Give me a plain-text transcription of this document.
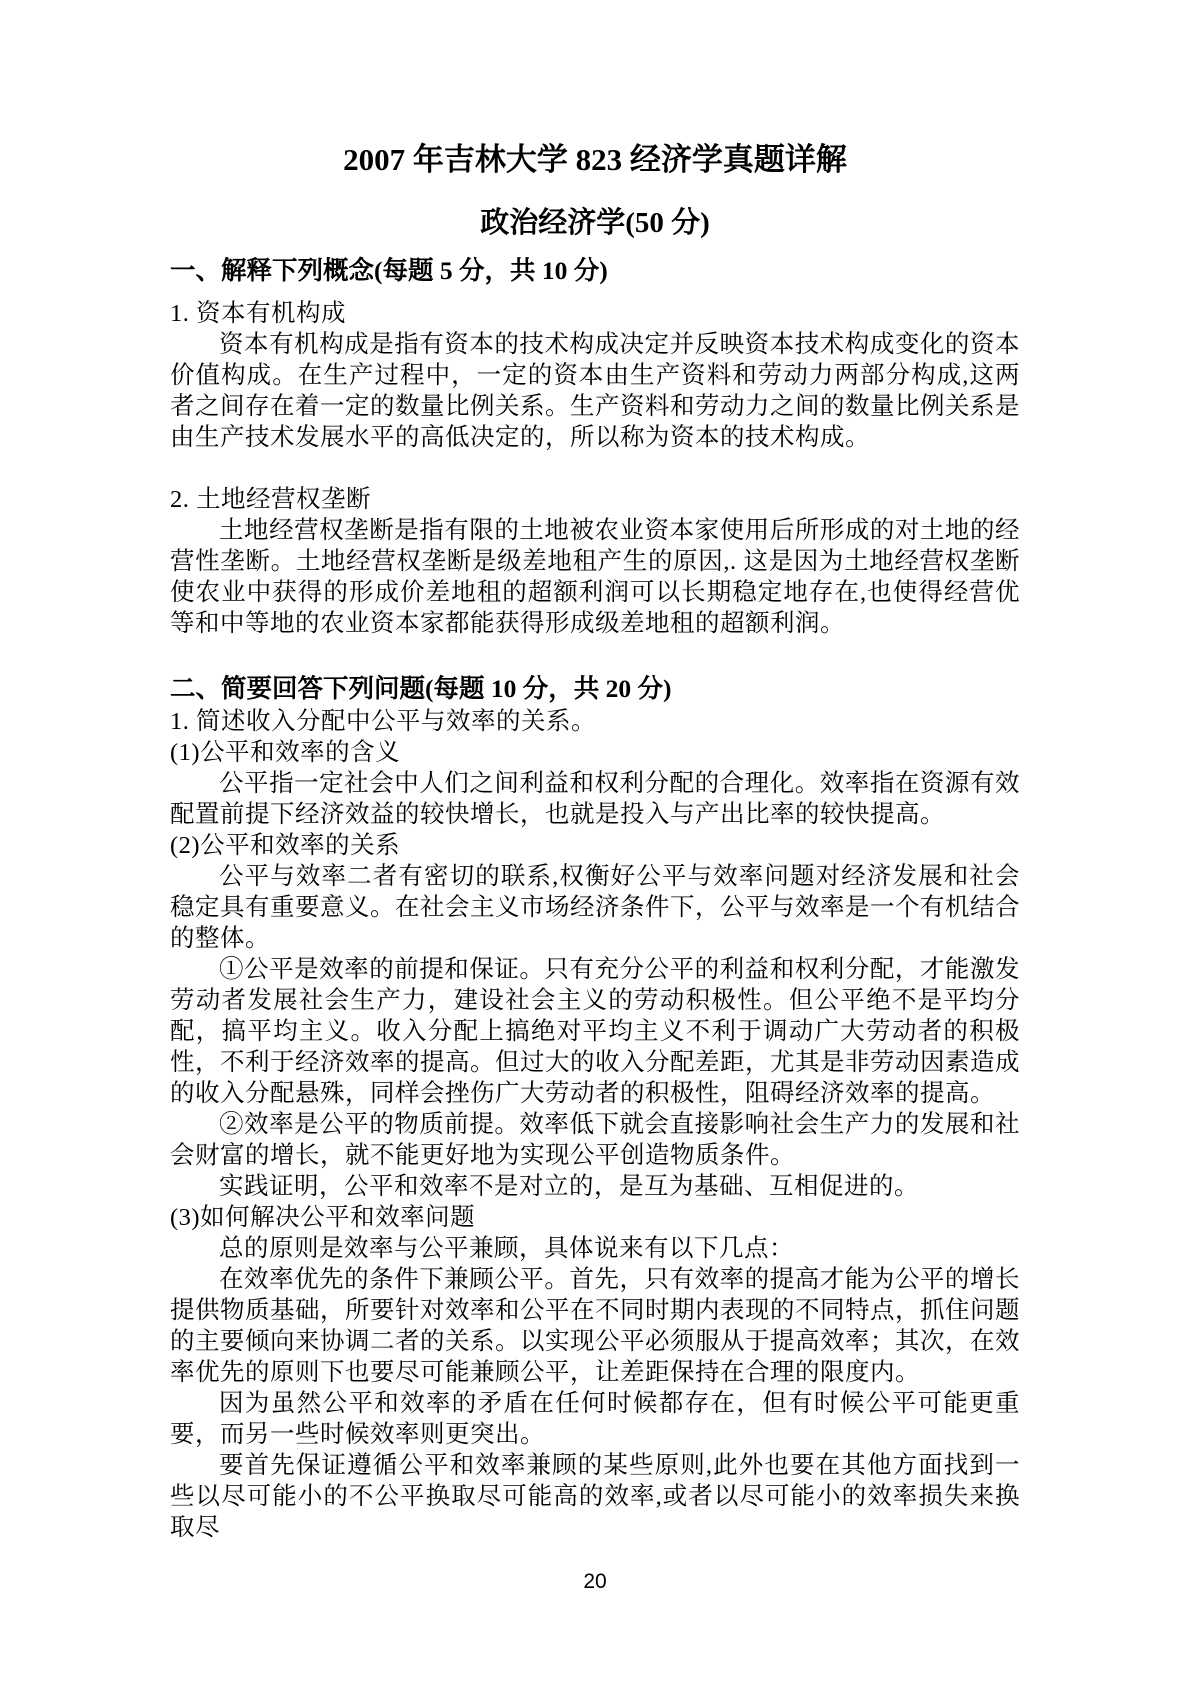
2007 年吉林大学 823 经济学真题详解
政治经济学(50 分)
一、解释下列概念(每题 5 分，共 10 分)

1. 资本有机构成

资本有机构成是指有资本的技术构成决定并反映资本技术构成变化的资本价值构成。在生产过程中，一定的资本由生产资料和劳动力两部分构成,这两者之间存在着一定的数量比例关系。生产资料和劳动力之间的数量比例关系是由生产技术发展水平的高低决定的，所以称为资本的技术构成。

2. 土地经营权垄断

土地经营权垄断是指有限的土地被农业资本家使用后所形成的对土地的经营性垄断。土地经营权垄断是级差地租产生的原因,. 这是因为土地经营权垄断使农业中获得的形成价差地租的超额利润可以长期稳定地存在,也使得经营优等和中等地的农业资本家都能获得形成级差地租的超额利润。

二、简要回答下列问题(每题 10 分，共 20 分)

1. 简述收入分配中公平与效率的关系。

(1)公平和效率的含义

公平指一定社会中人们之间利益和权利分配的合理化。效率指在资源有效配置前提下经济效益的较快增长，也就是投入与产出比率的较快提高。

(2)公平和效率的关系

公平与效率二者有密切的联系,权衡好公平与效率问题对经济发展和社会稳定具有重要意义。在社会主义市场经济条件下，公平与效率是一个有机结合的整体。

①公平是效率的前提和保证。只有充分公平的利益和权利分配，才能激发劳动者发展社会生产力，建设社会主义的劳动积极性。但公平绝不是平均分配，搞平均主义。收入分配上搞绝对平均主义不利于调动广大劳动者的积极性，不利于经济效率的提高。但过大的收入分配差距，尤其是非劳动因素造成的收入分配悬殊，同样会挫伤广大劳动者的积极性，阻碍经济效率的提高。

②效率是公平的物质前提。效率低下就会直接影响社会生产力的发展和社会财富的增长，就不能更好地为实现公平创造物质条件。

实践证明，公平和效率不是对立的，是互为基础、互相促进的。

(3)如何解决公平和效率问题

总的原则是效率与公平兼顾，具体说来有以下几点：

在效率优先的条件下兼顾公平。首先，只有效率的提高才能为公平的增长提供物质基础，所要针对效率和公平在不同时期内表现的不同特点，抓住问题的主要倾向来协调二者的关系。以实现公平必须服从于提高效率；其次，在效率优先的原则下也要尽可能兼顾公平，让差距保持在合理的限度内。

因为虽然公平和效率的矛盾在任何时候都存在，但有时候公平可能更重要，而另一些时候效率则更突出。

要首先保证遵循公平和效率兼顾的某些原则,此外也要在其他方面找到一些以尽可能小的不公平换取尽可能高的效率,或者以尽可能小的效率损失来换取尽

20
